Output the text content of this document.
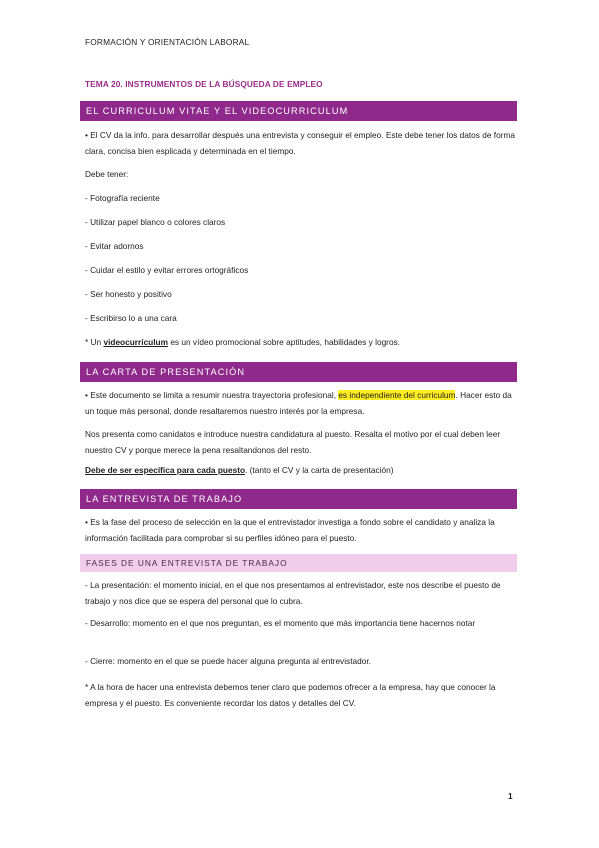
FORMACIÓN Y ORIENTACIÓN LABORAL
TEMA 20. INSTRUMENTOS DE LA BÚSQUEDA DE EMPLEO
EL CURRICULUM VITAE Y EL VIDEOCURRICULUM
• El CV da la info. para desarrollar después una entrevista y conseguir el empleo. Este debe tener los datos de forma clara, concisa bien esplicada y determinada en el tiempo.
Debe tener:
- Fotografía reciente
- Utilizar papel blanco o colores claros
- Evitar adornos
- Cuidar el estilo y evitar errores ortográficos
- Ser honesto y positivo
- Escribirso lo a una cara
* Un videocurrículum es un vídeo promocional sobre aptitudes, habilidades y logros.
LA CARTA DE PRESENTACIÓN
• Este documento se limita a resumir nuestra trayectoria profesional, es independiente del curriculum. Hacer esto da un toque más personal, donde resaltaremos nuestro interés por la empresa.
Nos presenta como canidatos e introduce nuestra candidatura al puesto. Resalta el motivo por el cual deben leer nuestro CV y porque merece la pena resaltandonos del resto.
Debe de ser específica para cada puesto. (tanto el CV y la carta de presentación)
LA ENTREVISTA DE TRABAJO
• Es la fase del proceso de selección en la que el entrevistador investiga a fondo sobre el candidato y analiza la información facilitada para comprobar si su perfiles idóneo para el puesto.
FASES DE UNA ENTREVISTA DE TRABAJO
- La presentación: el momento inicial, en el que nos presentamos al entrevistador, este nos describe el puesto de trabajo y nos dice que se espera del personal que lo cubra.
- Desarrollo: momento en el que nos preguntan, es el momento que más importancia tiene hacernos notar
- Cierre: momento en el que se puede hacer alguna pregunta al entrevistador.
* A la hora de hacer una entrevista debemos tener claro que podemos ofrecer a la empresa, hay que conocer la empresa y el puesto. Es conveniente recordar los datos y detalles del CV.
1
